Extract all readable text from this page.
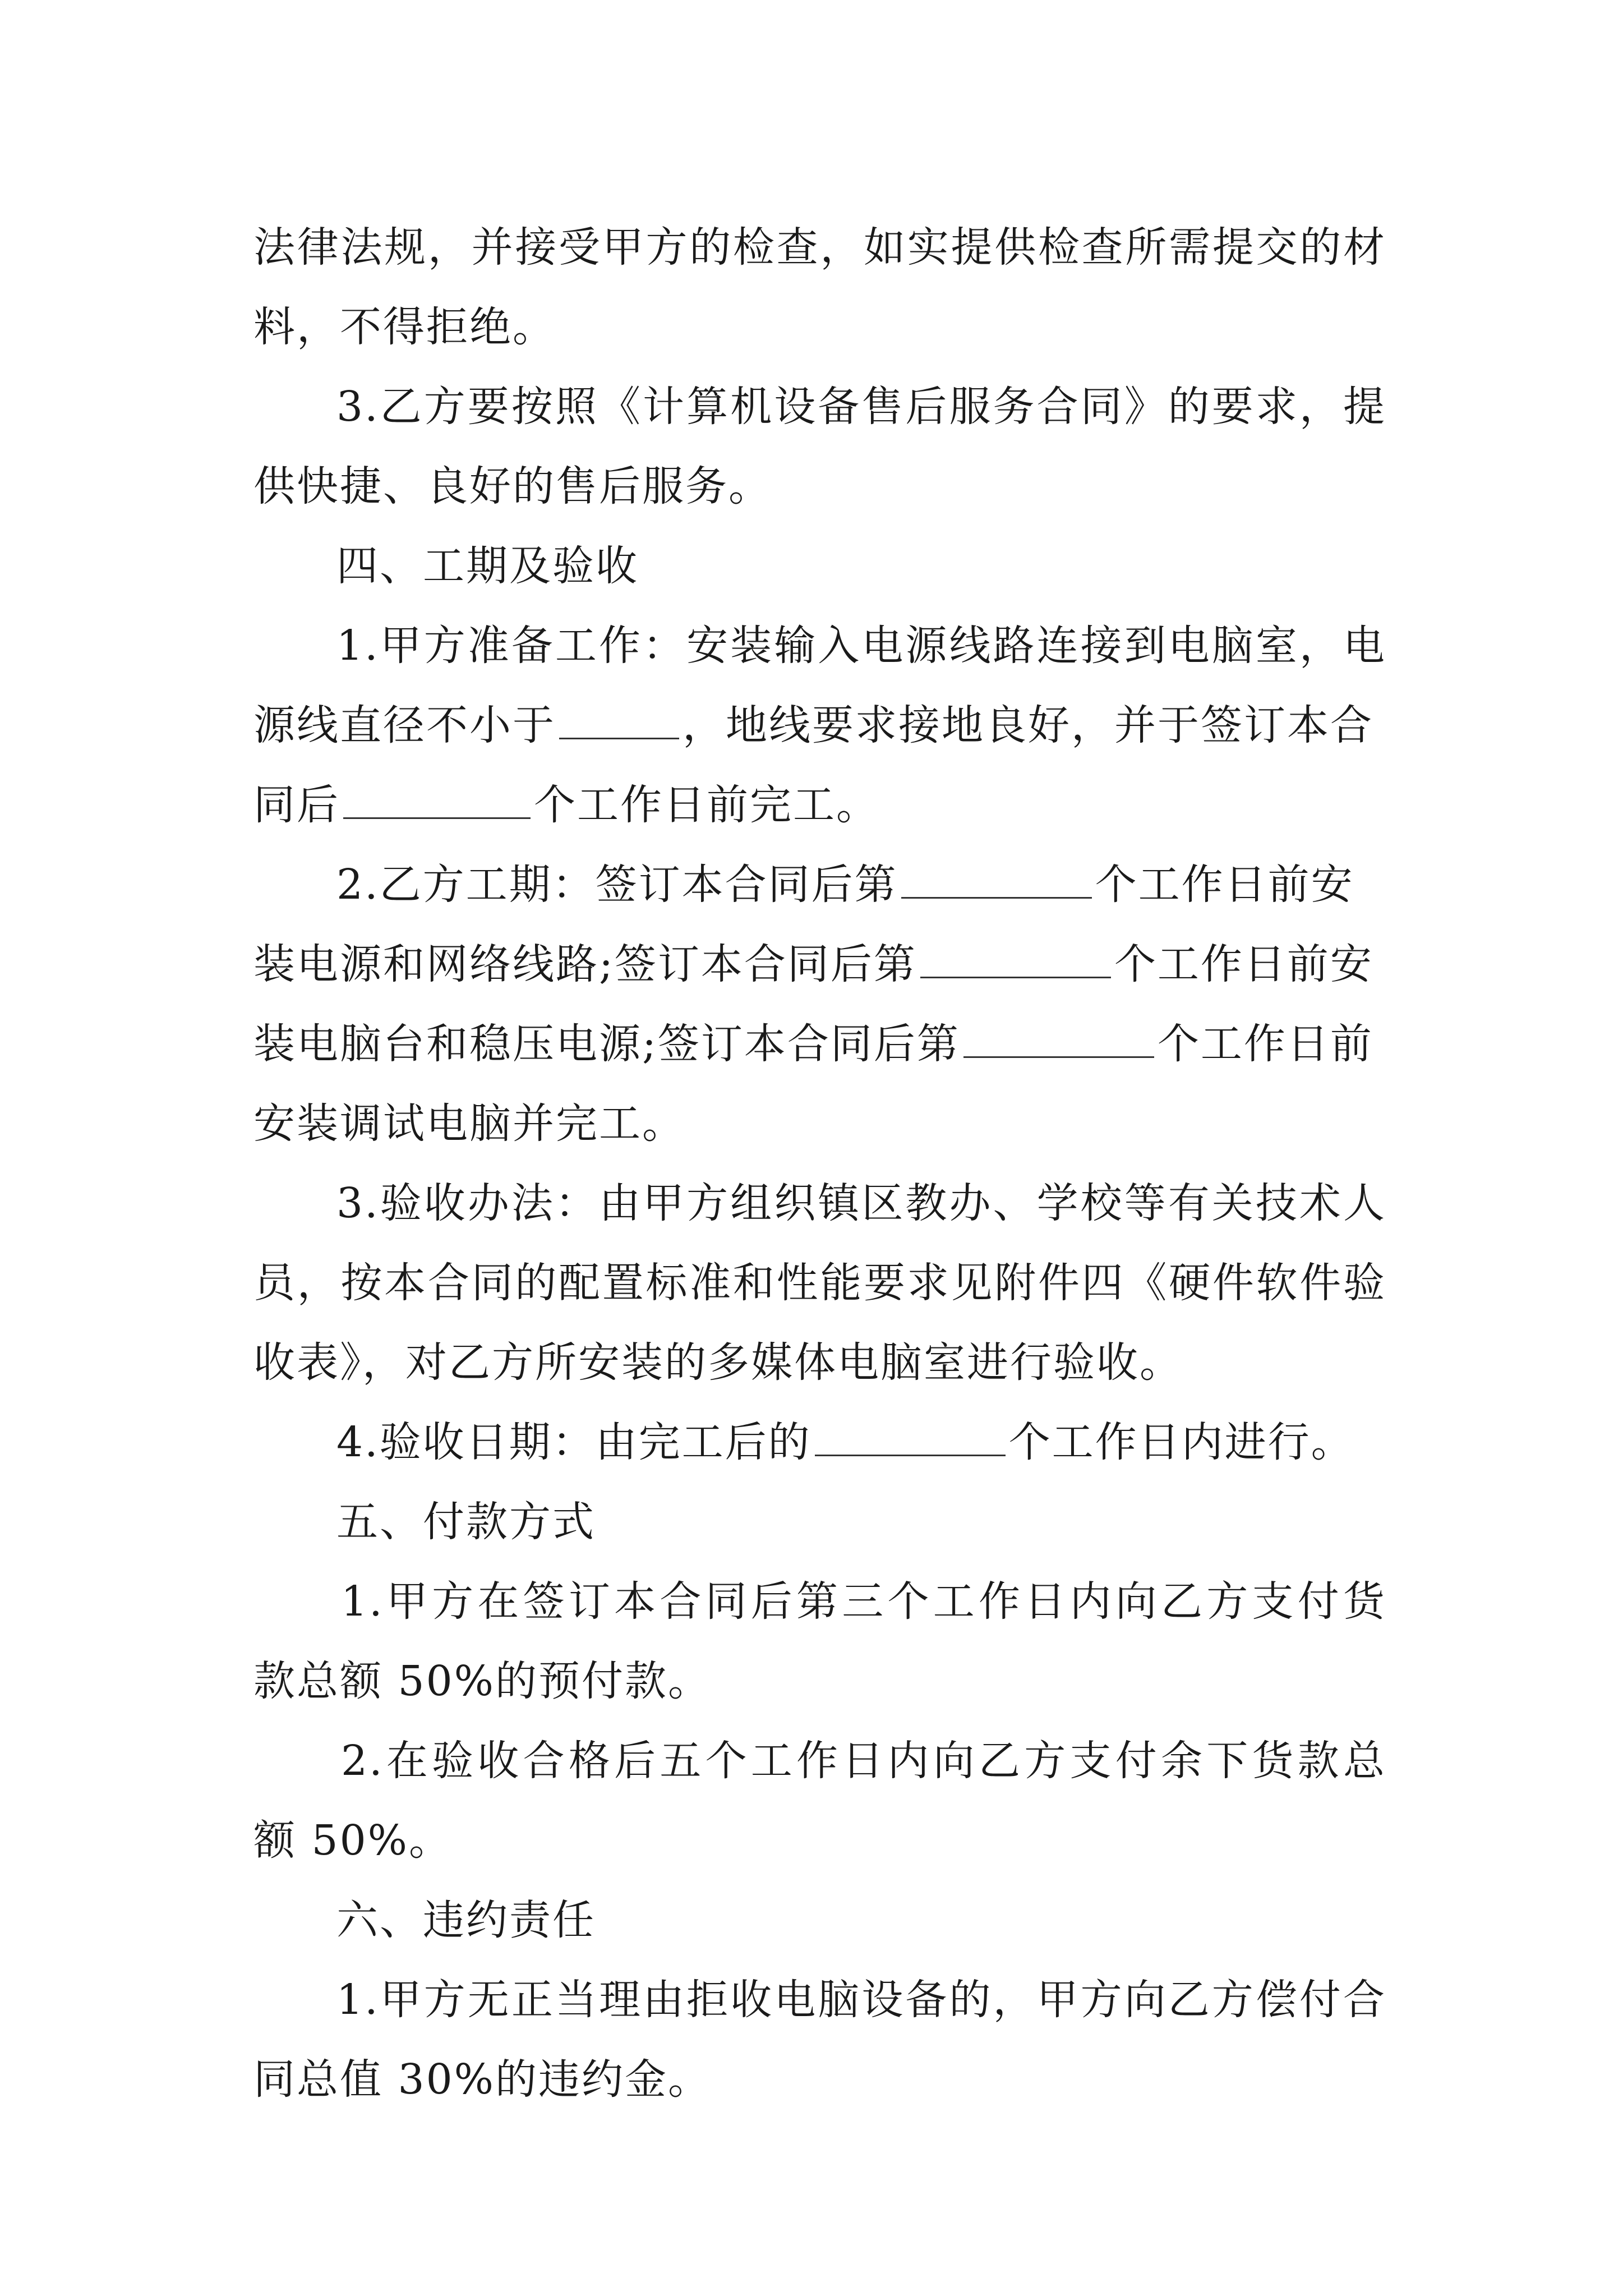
法律法规，并接受甲方的检查，如实提供检查所需提交的材
料，不得拒绝。
3.乙方要按照《计算机设备售后服务合同》的要求，提
供快捷、良好的售后服务。
四、工期及验收
1.甲方准备工作：安装输入电源线路连接到电脑室，电
源线直径不小于	，地线要求接地良好，并于签订本合
同后	个工作日前完工。
2.乙方工期：签订本合同后第	个工作日前安
装电源和网络线路;签订本合同后第	个工作日前安
装电脑台和稳压电源;签订本合同后第	个工作日前
安装调试电脑并完工。
3.验收办法：由甲方组织镇区教办、学校等有关技术人
员，按本合同的配置标准和性能要求见附件四《硬件软件验
收表》，对乙方所安装的多媒体电脑室进行验收。
4.验收日期：由完工后的	个工作日内进行。
五、付款方式
1.甲方在签订本合同后第三个工作日内向乙方支付货
款总额 50%的预付款。
2.在验收合格后五个工作日内向乙方支付余下货款总
额 50%。
六、违约责任
1.甲方无正当理由拒收电脑设备的，甲方向乙方偿付合
同总值 30%的违约金。
